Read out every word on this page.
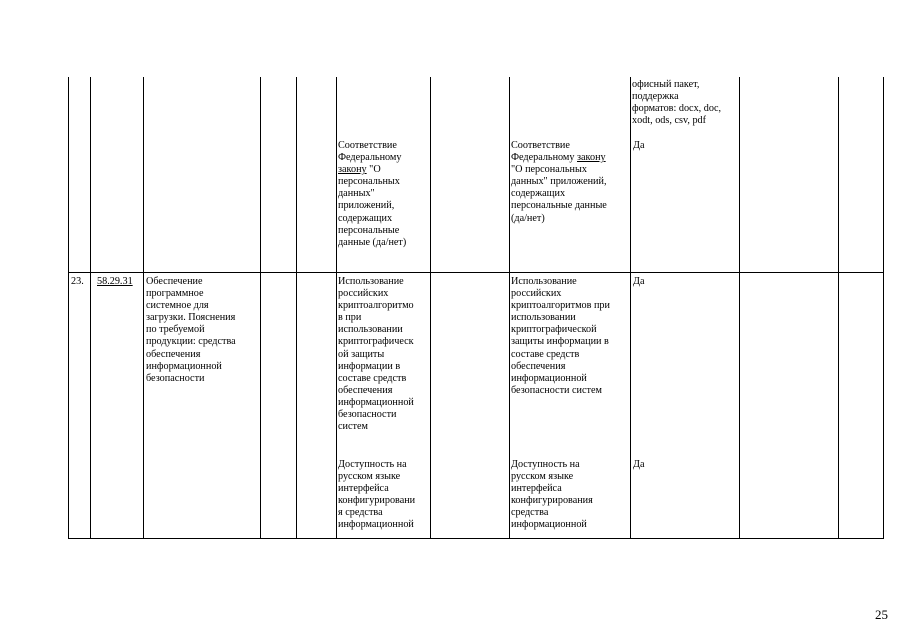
офисный пакет,
поддержка
форматов: docx, doc,
xodt, ods, csv, pdf
Соответствие
Федеральному
закону "О
персональных
данных"
приложений,
содержащих
персональные
данные (да/нет)
Соответствие
Федеральному закону
"О персональных
данных" приложений,
содержащих
персональные данные
(да/нет)
Да
23. 58.29.31 Обеспечение
программное
системное для
загрузки. Пояснения
по требуемой
продукции: средства
обеспечения
информационной
безопасности
Использование
российских
криптоалгоритмо
в при
использовании
криптографическ
ой защиты
информации в
составе средств
обеспечения
информационной
безопасности
систем
Использование
российских
криптоалгоритмов при
использовании
криптографической
защиты информации в
составе средств
обеспечения
информационной
безопасности систем
Да
Доступность на
русском языке
интерфейса
конфигурировани
я средства
информационной
Доступность на
русском языке
интерфейса
конфигурирования
средства
информационной
Да
25
